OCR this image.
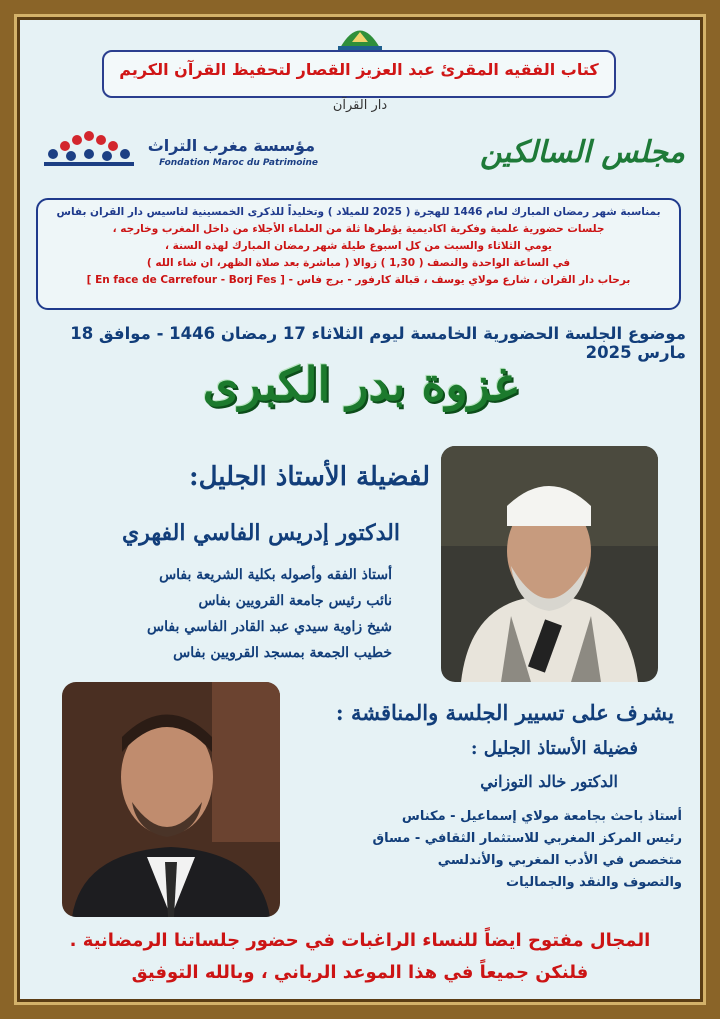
كتاب الفقيه المقرئ عبد العزيز القصار لتحفيظ القرآن الكريم
دار القرآن
مؤسسة مغرب التراث
Fondation Maroc du Patrimoine	مجلس السالكين
بمناسبة شهر رمضان المبارك لعام 1446 للهجرة ( 2025 للميلاد ) وتخليداً للذكرى الخمسينية لتاسيس دار القران بفاس
جلسات حضورية علمية وفكرية اكاديمية يؤطرها ثلة من العلماء الأجلاء من داخل المغرب وخارجه ،
يومي الثلاثاء والسبت من كل اسبوع طيلة شهر رمضان المبارك لهذه السنة ،
في الساعة الواحدة والنصف ( 1,30 ) زوالا ( مباشرة بعد صلاة الظهر، ان شاء الله )
برحاب دار القران ، شارع مولاي يوسف ، قبالة كارفور - برج فاس - [ En face de Carrefour - Borj Fes ]
موضوع الجلسة الحضورية الخامسة ليوم الثلاثاء 17 رمضان 1446 - موافق 18 مارس 2025
غزوة بدر الكبرى
لفضيلة الأستاذ الجليل:
الدكتور إدريس الفاسي الفهري
أستاذ الفقه وأصوله بكلية الشريعة بفاس
نائب رئيس جامعة القرويين بفاس
شيخ زاوية سيدي عبد القادر الفاسي بفاس
خطيب الجمعة بمسجد القرويين بفاس
يشرف على تسيير الجلسة والمناقشة :
فضيلة الأستاذ الجليل :
الدكتور خالد التوزاني
أستاذ باحث بجامعة مولاي إسماعيل - مكناس
رئيس المركز المغربي للاستثمار الثقافي - مساق
متخصص في الأدب المغربي والأندلسي
والتصوف والنقد والجماليات
المجال مفتوح ايضاً للنساء الراغبات في حضور جلساتنا الرمضانية .
فلنكن جميعاً في هذا الموعد الرباني ، وبالله التوفيق
